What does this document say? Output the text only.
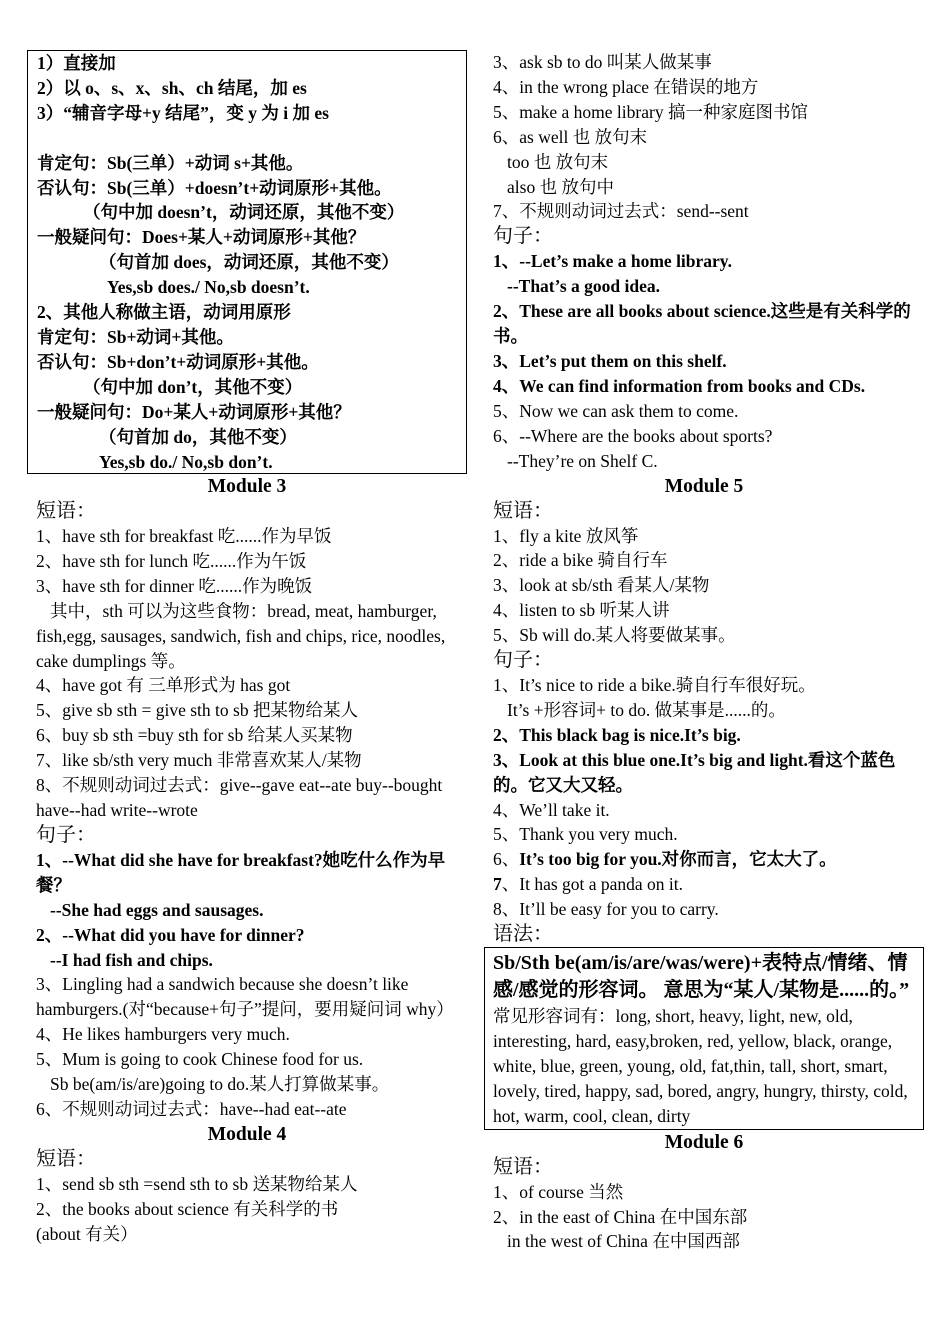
1）直接加
2）以 o、s、x、sh、ch 结尾，加 es
3）“辅音字母+y 结尾”，变 y 为 i 加 es

肯定句：Sb(三单）+动词 s+其他。
否认句：Sb(三单）+doesn’t+动词原形+其他。
（句中加 doesn’t，动词还原，其他不变）
一般疑问句：Does+某人+动词原形+其他？
（句首加 does，动词还原，其他不变）
Yes,sb does./ No,sb doesn’t.
2、其他人称做主语，动词用原形
肯定句：Sb+动词+其他。
否认句：Sb+don’t+动词原形+其他。
（句中加 don’t，其他不变）
一般疑问句：Do+某人+动词原形+其他？
（句首加 do，其他不变）
Yes,sb do./ No,sb don’t.
Module 3
短语：
1、have sth for breakfast 吃......作为早饭
2、have sth for lunch 吃......作为午饭
3、have sth for dinner 吃......作为晚饭
其中，sth 可以为这些食物：bread, meat, hamburger, fish,egg, sausages, sandwich, fish and chips, rice, noodles, cake dumplings 等。
4、have got 有 三单形式为 has got
5、give sb sth = give sth to sb 把某物给某人
6、buy sb sth =buy sth for sb 给某人买某物
7、like sb/sth very much 非常喜欢某人/某物
8、不规则动词过去式：give--gave eat--ate buy--bought have--had write--wrote
句子：
1、--What did she have for breakfast?她吃什么作为早餐？
--She had eggs and sausages.
2、--What did you have for dinner?
--I had fish and chips.
3、Lingling had a sandwich because she doesn’t like hamburgers.(对“because+句子”提问，要用疑问词 why）
4、He likes hamburgers very much.
5、Mum is going to cook Chinese food for us.
Sb be(am/is/are)going to do.某人打算做某事。
6、不规则动词过去式：have--had eat--ate
Module 4
短语：
1、send sb sth =send sth to sb 送某物给某人
2、the books about science 有关科学的书
(about 有关）
3、ask sb to do 叫某人做某事
4、in the wrong place 在错误的地方
5、make a home library 搞一种家庭图书馆
6、as well 也 放句末
too 也 放句末
also 也 放句中
7、不规则动词过去式：send--sent
句子：
1、--Let’s make a home library.
--That’s a good idea.
2、These are all books about science.这些是有关科学的书。
3、Let’s put them on this shelf.
4、We can find information from books and CDs.
5、Now we can ask them to come.
6、--Where are the books about sports?
--They’re on Shelf C.
Module 5
短语：
1、fly a kite 放风筝
2、ride a bike 骑自行车
3、look at sb/sth 看某人/某物
4、listen to sb 听某人讲
5、Sb will do.某人将要做某事。
句子：
1、It’s nice to ride a bike.骑自行车很好玩。
It’s +形容词+ to do. 做某事是......的。
2、This black bag is nice.It’s big.
3、Look at this blue one.It’s big and light.看这个蓝色的。它又大又轻。
4、We’ll take it.
5、Thank you very much.
6、It’s too big for you.对你而言，它太大了。
7、It has got a panda on it.
8、It’ll be easy for you to carry.
语法：
Sb/Sth be(am/is/are/was/were)+表特点/情绪、情感/感觉的形容词。 意思为“某人/某物是......的。”
常见形容词有：long, short, heavy, light, new, old, interesting, hard, easy,broken, red, yellow, black, orange, white, blue, green, young, old, fat,thin, tall, short, smart, lovely, tired, happy, sad, bored, angry, hungry, thirsty, cold, hot, warm, cool, clean, dirty
Module 6
短语：
1、of course 当然
2、in the east of China 在中国东部
in the west of China 在中国西部
